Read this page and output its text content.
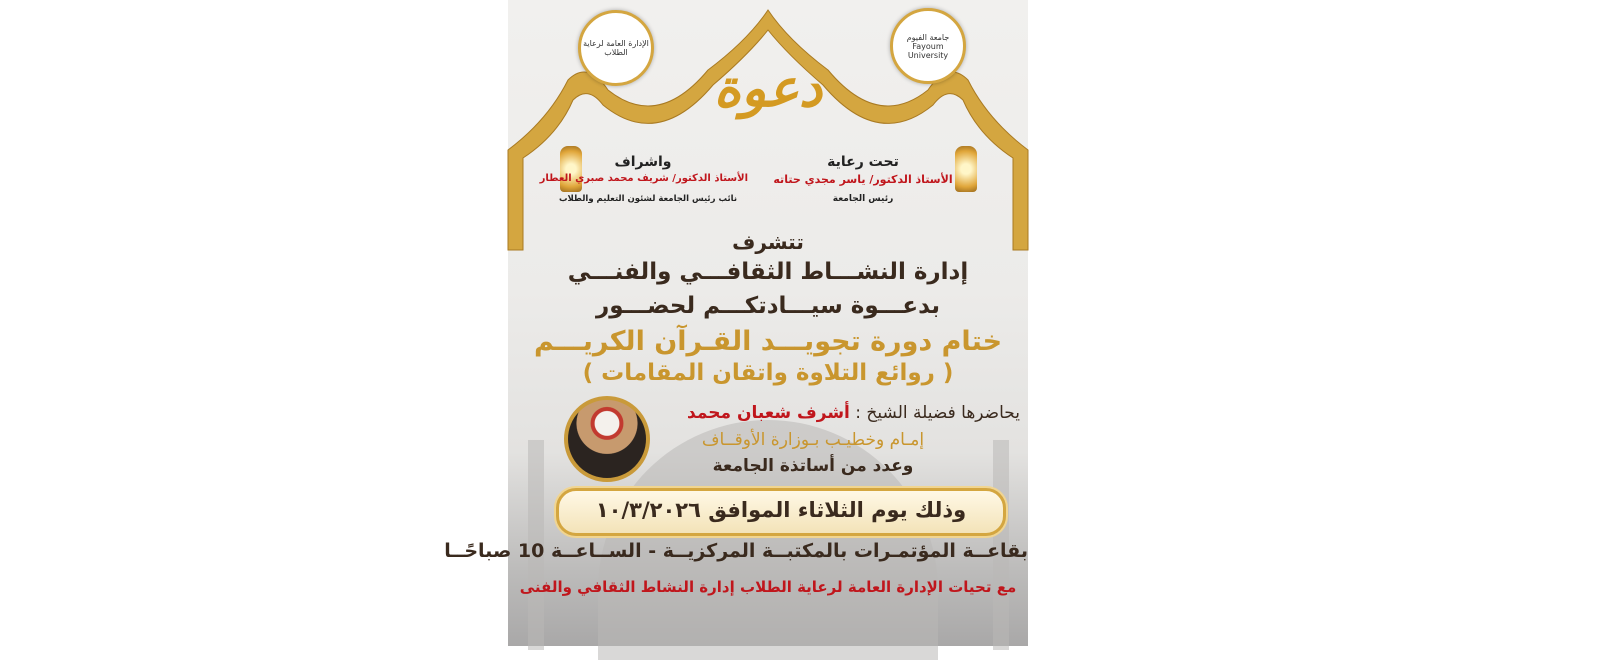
الإدارة العامة لرعاية الطلاب
جامعة الفيوم Fayoum University
دعوة
تحت رعاية
الأستاذ الدكتور/ ياسر مجدي حتاته
رئيس الجامعة
واشراف
الأستاذ الدكتور/ شريف محمد صبري العطار
نائب رئيس الجامعة لشئون التعليم والطلاب
تتشرف
إدارة النشـــاط الثقافـــي والفنـــي
بدعـــوة سيـــادتكـــم لحضـــور
ختام دورة تجويـــد القـرآن الكريـــم
( روائع التلاوة واتقان المقامات )
يحاضرها فضيلة الشيخ : أشرف شعبان محمد
إمـام وخطيـب بـوزارة الأوقــاف
وعدد من أساتذة الجامعة
وذلك يوم الثلاثاء الموافق ١٠/٣/٢٠٢٦
بقاعــة المؤتمـرات بالمكتبــة المركزيــة - الســاعــة 10 صباحًــا
مع تحيات الإدارة العامة لرعاية الطلاب إدارة النشاط الثقافي والفنى
